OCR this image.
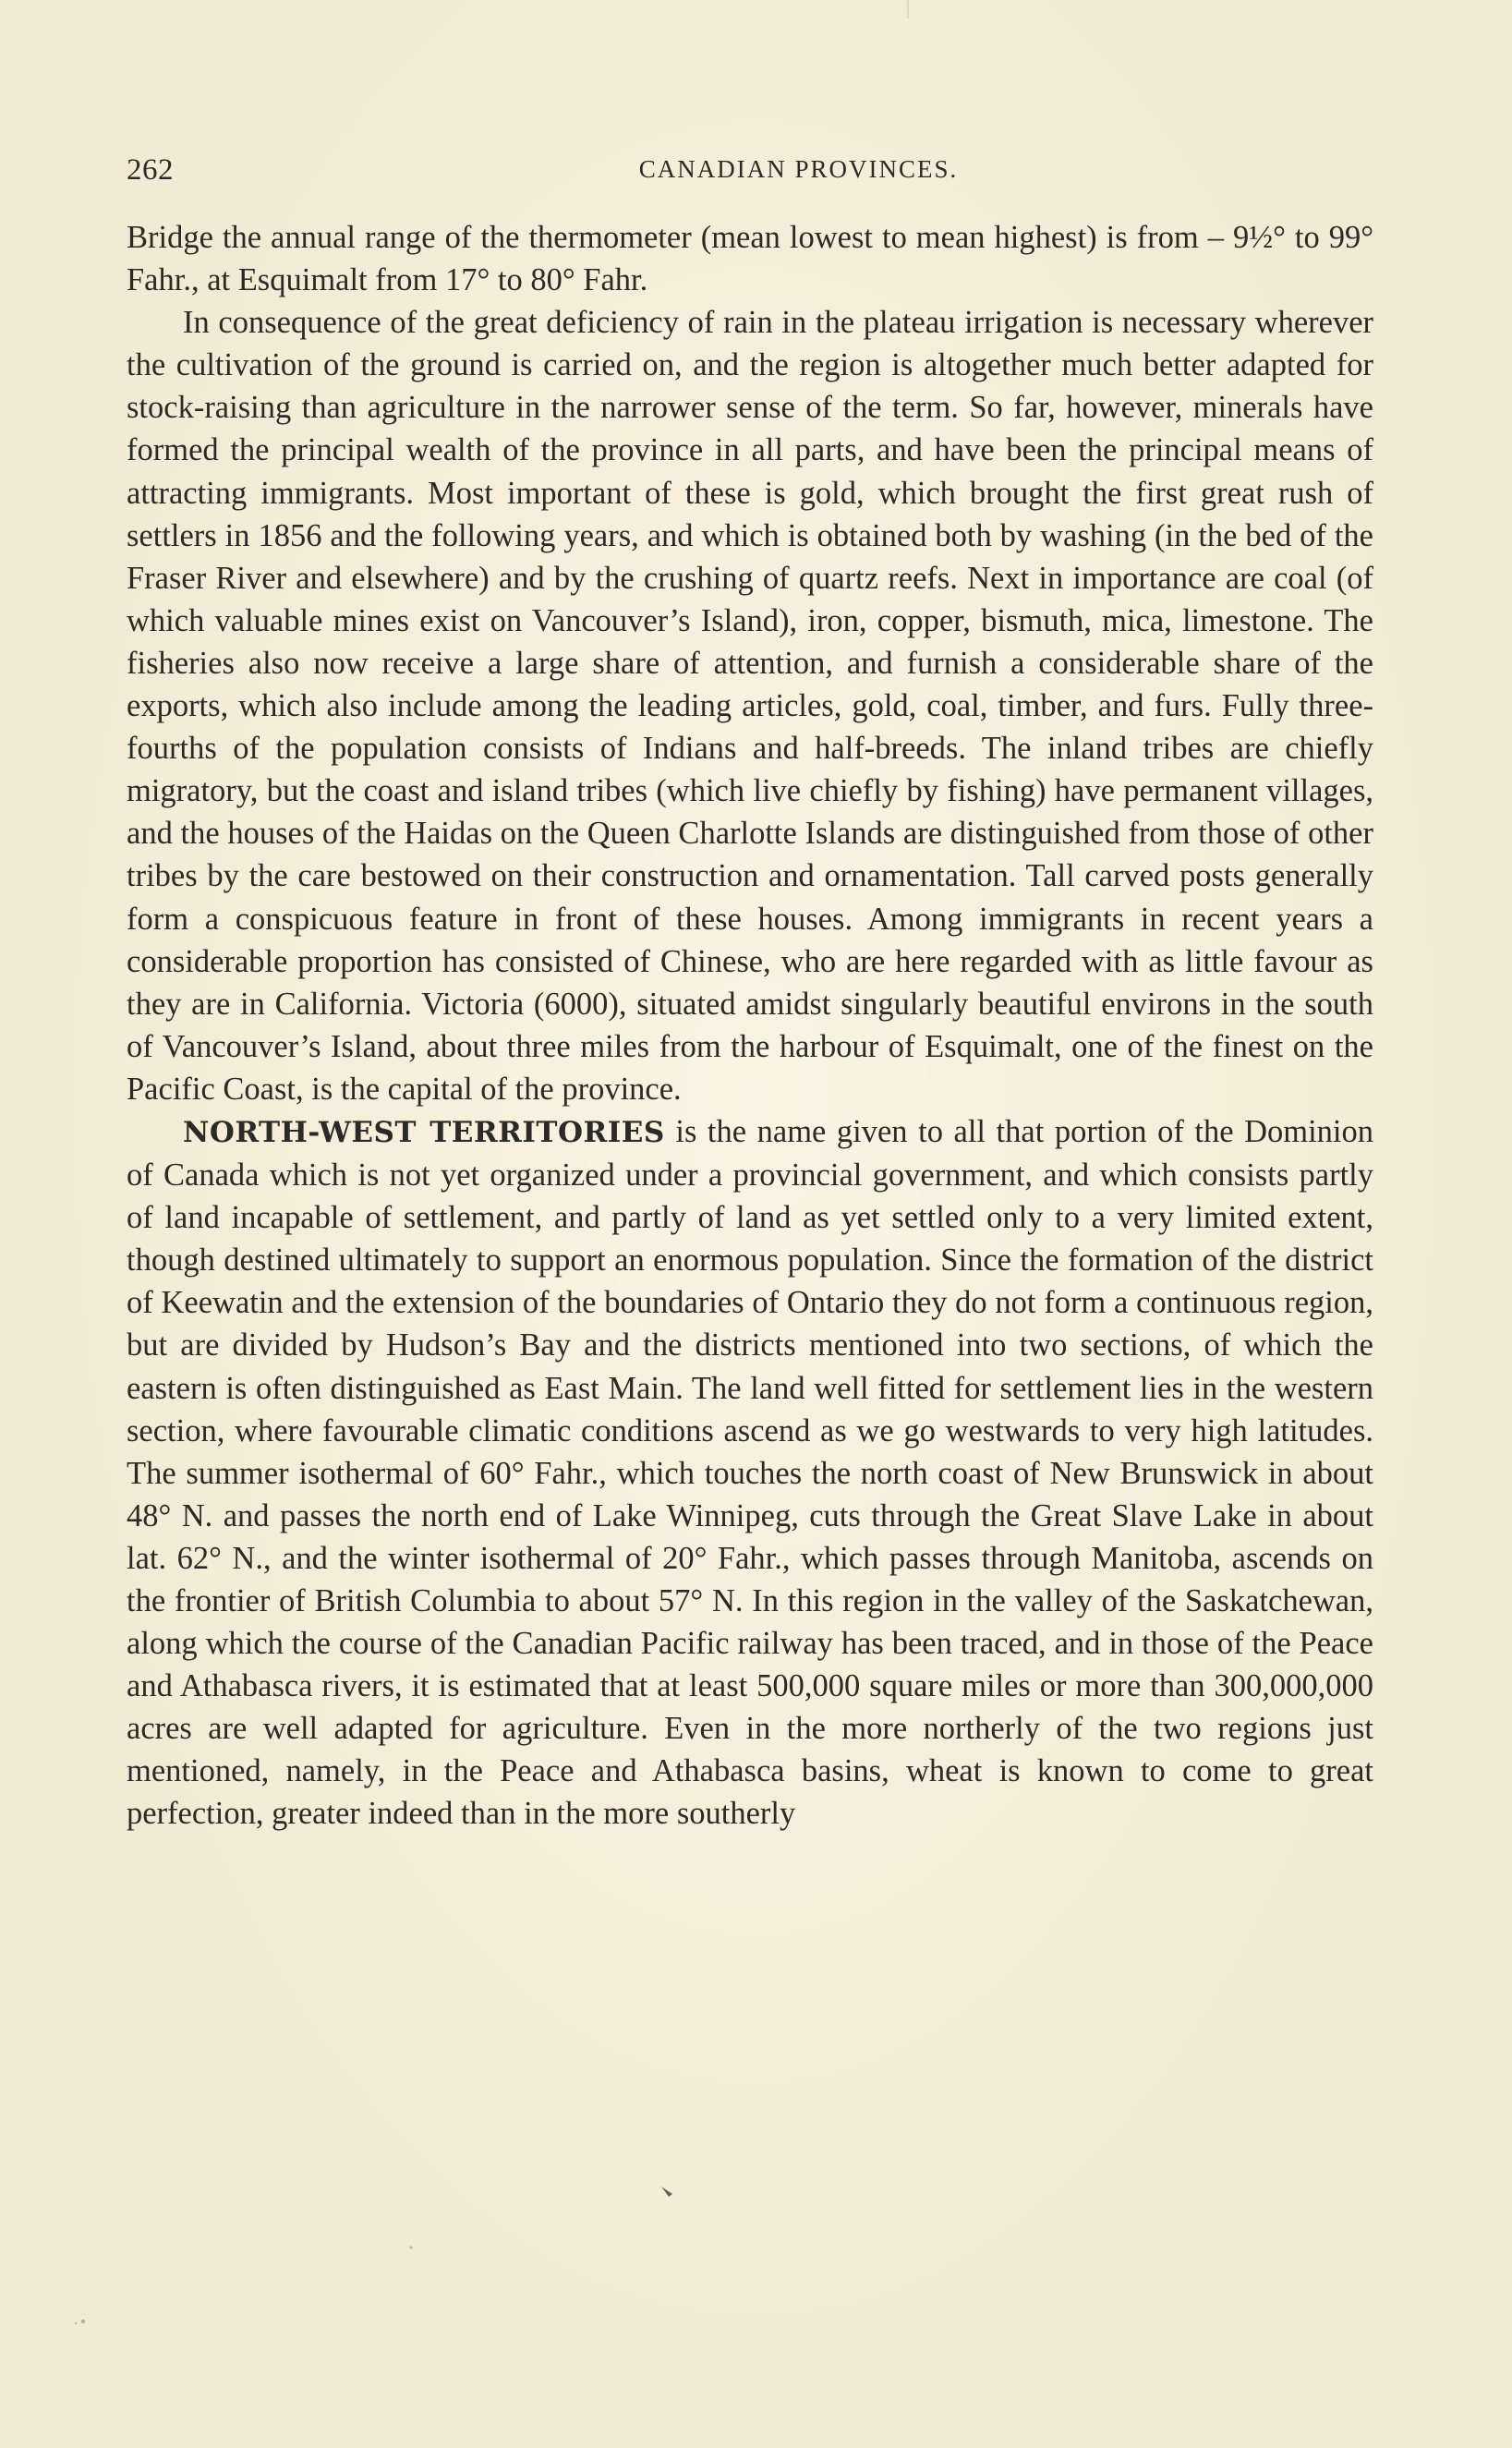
262	CANADIAN PROVINCES.

Bridge the annual range of the thermometer (mean lowest to mean highest) is from – 9½° to 99° Fahr., at Esquimalt from 17° to 80° Fahr.

In consequence of the great deficiency of rain in the plateau irrigation is necessary wherever the cultivation of the ground is carried on, and the region is altogether much better adapted for stock-raising than agriculture in the narrower sense of the term. So far, however, minerals have formed the principal wealth of the province in all parts, and have been the principal means of attracting immigrants. Most important of these is gold, which brought the first great rush of settlers in 1856 and the following years, and which is obtained both by washing (in the bed of the Fraser River and elsewhere) and by the crushing of quartz reefs. Next in importance are coal (of which valuable mines exist on Vancouver’s Island), iron, copper, bismuth, mica, limestone. The fisheries also now receive a large share of attention, and furnish a considerable share of the exports, which also include among the leading articles, gold, coal, timber, and furs. Fully three-fourths of the population consists of Indians and half-breeds. The inland tribes are chiefly migratory, but the coast and island tribes (which live chiefly by fishing) have permanent villages, and the houses of the Haidas on the Queen Charlotte Islands are distinguished from those of other tribes by the care bestowed on their construction and ornamentation. Tall carved posts generally form a conspicuous feature in front of these houses. Among immigrants in recent years a considerable proportion has consisted of Chinese, who are here regarded with as little favour as they are in California. Victoria (6000), situated amidst singularly beautiful environs in the south of Vancouver’s Island, about three miles from the harbour of Esquimalt, one of the finest on the Pacific Coast, is the capital of the province.

NORTH-WEST TERRITORIES is the name given to all that portion of the Dominion of Canada which is not yet organized under a provincial government, and which consists partly of land incapable of settlement, and partly of land as yet settled only to a very limited extent, though destined ultimately to support an enormous population. Since the formation of the district of Keewatin and the extension of the boundaries of Ontario they do not form a continuous region, but are divided by Hudson’s Bay and the districts mentioned into two sections, of which the eastern is often distinguished as East Main. The land well fitted for settlement lies in the western section, where favourable climatic conditions ascend as we go westwards to very high latitudes. The summer isothermal of 60° Fahr., which touches the north coast of New Brunswick in about 48° N. and passes the north end of Lake Winnipeg, cuts through the Great Slave Lake in about lat. 62° N., and the winter isothermal of 20° Fahr., which passes through Manitoba, ascends on the frontier of British Columbia to about 57° N. In this region in the valley of the Saskatchewan, along which the course of the Canadian Pacific railway has been traced, and in those of the Peace and Athabasca rivers, it is estimated that at least 500,000 square miles or more than 300,000,000 acres are well adapted for agriculture. Even in the more northerly of the two regions just mentioned, namely, in the Peace and Athabasca basins, wheat is known to come to great perfection, greater indeed than in the more southerly
